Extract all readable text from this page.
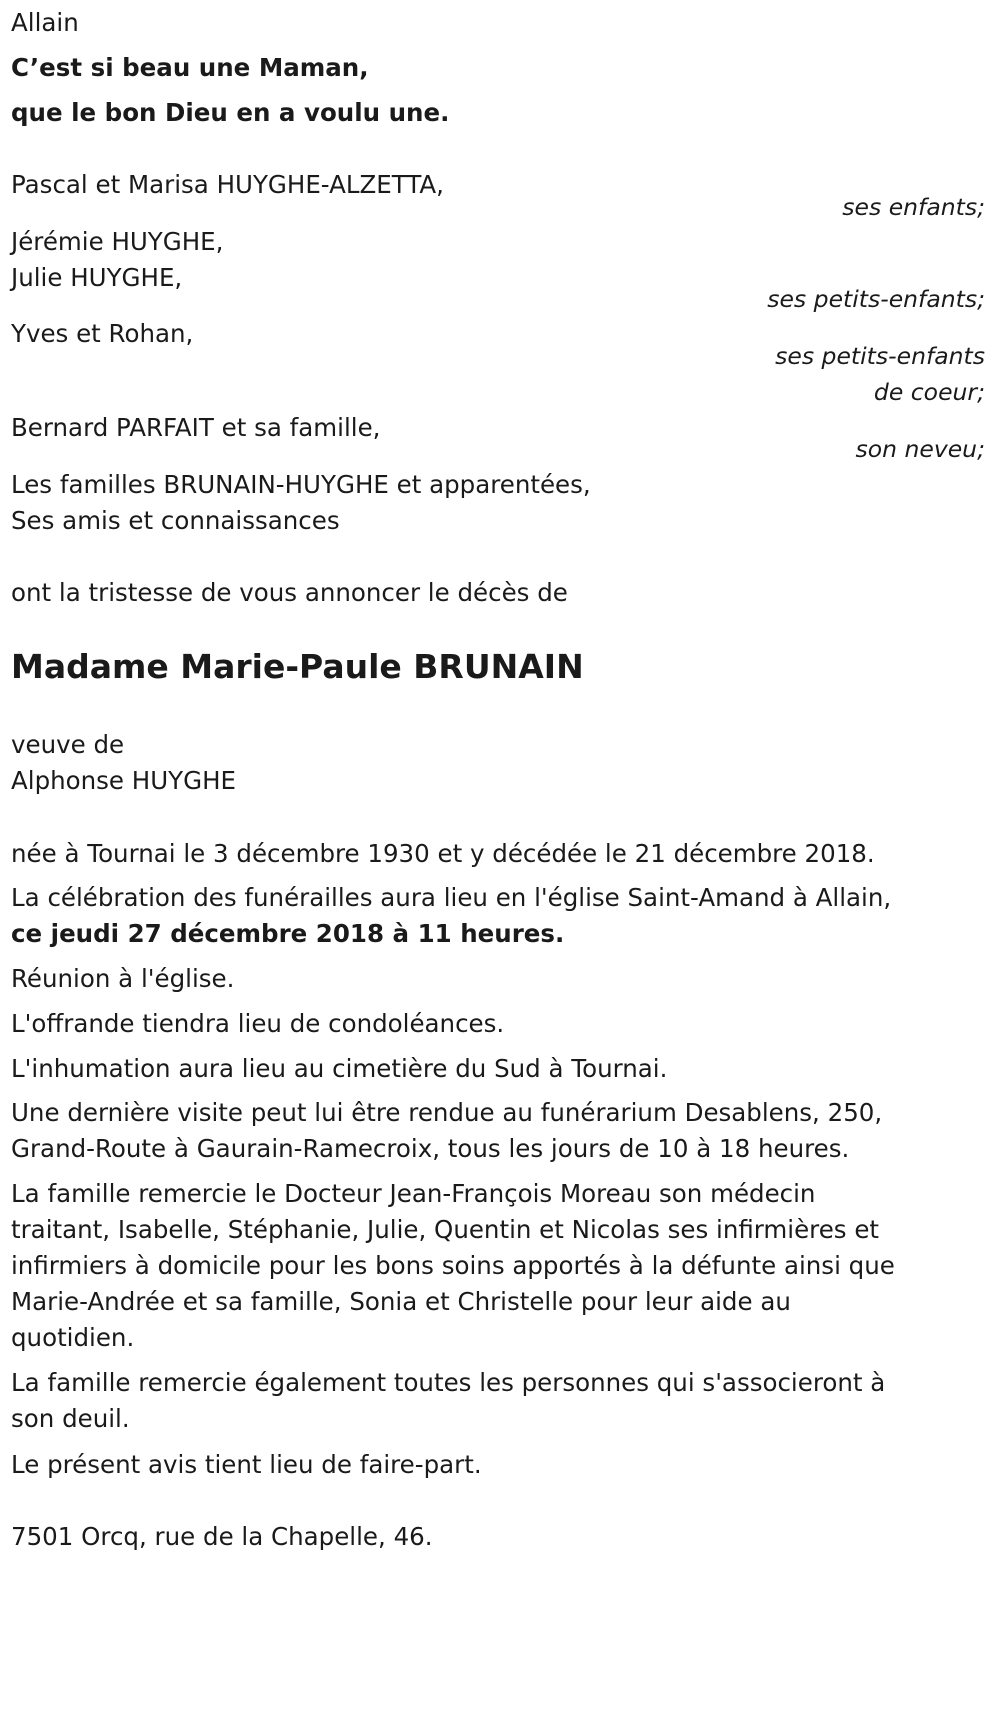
Allain
C’est si beau une Maman,
que le bon Dieu en a voulu une.
Pascal et Marisa HUYGHE-ALZETTA,
ses enfants;
Jérémie HUYGHE,
Julie HUYGHE,
ses petits-enfants;
Yves et Rohan,
ses petits-enfants
de coeur;
Bernard PARFAIT et sa famille,
son neveu;
Les familles BRUNAIN-HUYGHE et apparentées,
Ses amis et connaissances
ont la tristesse de vous annoncer le décès de
Madame Marie-Paule BRUNAIN
veuve de
Alphonse HUYGHE
née à Tournai le 3 décembre 1930 et y décédée le 21 décembre 2018.
La célébration des funérailles aura lieu en l'église Saint-Amand à Allain,
ce jeudi 27 décembre 2018 à 11 heures.
Réunion à l'église.
L'offrande tiendra lieu de condoléances.
L'inhumation aura lieu au cimetière du Sud à Tournai.
Une dernière visite peut lui être rendue au funérarium Desablens, 250,
Grand-Route à Gaurain-Ramecroix, tous les jours de 10 à 18 heures.
La famille remercie le Docteur Jean-François Moreau son médecin
traitant, Isabelle, Stéphanie, Julie, Quentin et Nicolas ses infirmières et
infirmiers à domicile pour les bons soins apportés à la défunte ainsi que
Marie-Andrée et sa famille, Sonia et Christelle pour leur aide au
quotidien.
La famille remercie également toutes les personnes qui s'associeront à
son deuil.
Le présent avis tient lieu de faire-part.
7501 Orcq, rue de la Chapelle, 46.
